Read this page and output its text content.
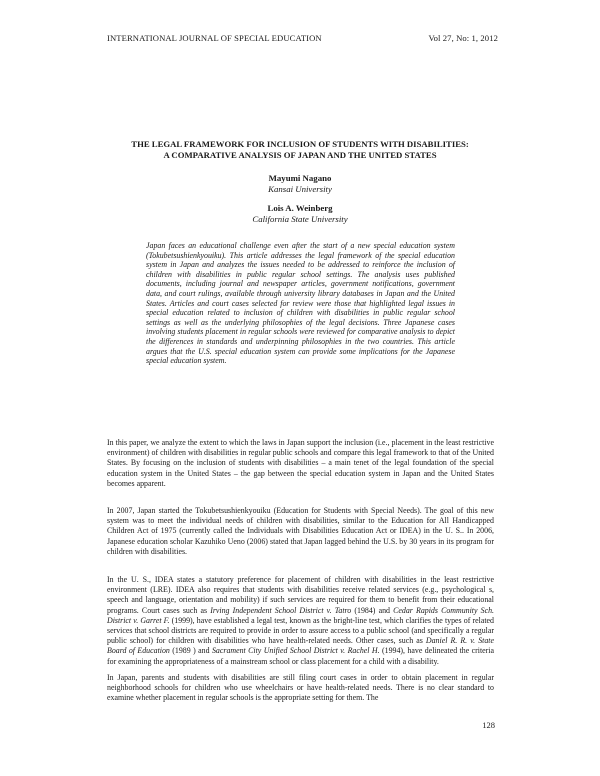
INTERNATIONAL JOURNAL OF SPECIAL EDUCATION	Vol 27, No: 1, 2012
THE LEGAL FRAMEWORK FOR INCLUSION OF STUDENTS WITH DISABILITIES:
A COMPARATIVE ANALYSIS OF JAPAN AND THE UNITED STATES
Mayumi Nagano
Kansai University
Lois A. Weinberg
California State University

Japan faces an educational challenge even after the start of a new special education system (Tokubetsushienkyouiku). This article addresses the legal framework of the special education system in Japan and analyzes the issues needed to be addressed to reinforce the inclusion of children with disabilities in public regular school settings. The analysis uses published documents, including journal and newspaper articles, government notifications, government data, and court rulings, available through university library databases in Japan and the United States. Articles and court cases selected for review were those that highlighted legal issues in special education related to inclusion of children with disabilities in public regular school settings as well as the underlying philosophies of the legal decisions. Three Japanese cases involving students placement in regular schools were reviewed for comparative analysis to depict the differences in standards and underpinning philosophies in the two countries. This article argues that the U.S. special education system can provide some implications for the Japanese special education system.

In this paper, we analyze the extent to which the laws in Japan support the inclusion (i.e., placement in the least restrictive environment) of children with disabilities in regular public schools and compare this legal framework to that of the United States. By focusing on the inclusion of students with disabilities – a main tenet of the legal foundation of the special education system in the United States – the gap between the special education system in Japan and the United States becomes apparent.

In 2007, Japan started the Tokubetsushienkyouiku (Education for Students with Special Needs). The goal of this new system was to meet the individual needs of children with disabilities, similar to the Education for All Handicapped Children Act of 1975 (currently called the Individuals with Disabilities Education Act or IDEA) in the U. S.. In 2006, Japanese education scholar Kazuhiko Ueno (2006) stated that Japan lagged behind the U.S. by 30 years in its program for children with disabilities.

In the U. S., IDEA states a statutory preference for placement of children with disabilities in the least restrictive environment (LRE). IDEA also requires that students with disabilities receive related services (e.g., psychological s, speech and language, orientation and mobility) if such services are required for them to benefit from their educational programs. Court cases such as Irving Independent School District v. Tatro (1984) and Cedar Rapids Community Sch. District v. Garret F. (1999), have established a legal test, known as the bright-line test, which clarifies the types of related services that school districts are required to provide in order to assure access to a public school (and specifically a regular public school) for children with disabilities who have health-related needs. Other cases, such as Daniel R. R. v. State Board of Education (1989 ) and Sacrament City Unified School District v. Rachel H. (1994), have delineated the criteria for examining the appropriateness of a mainstream school or class placement for a child with a disability.

In Japan, parents and students with disabilities are still filing court cases in order to obtain placement in regular neighborhood schools for children who use wheelchairs or have health-related needs. There is no clear standard to examine whether placement in regular schools is the appropriate setting for them. The

128
